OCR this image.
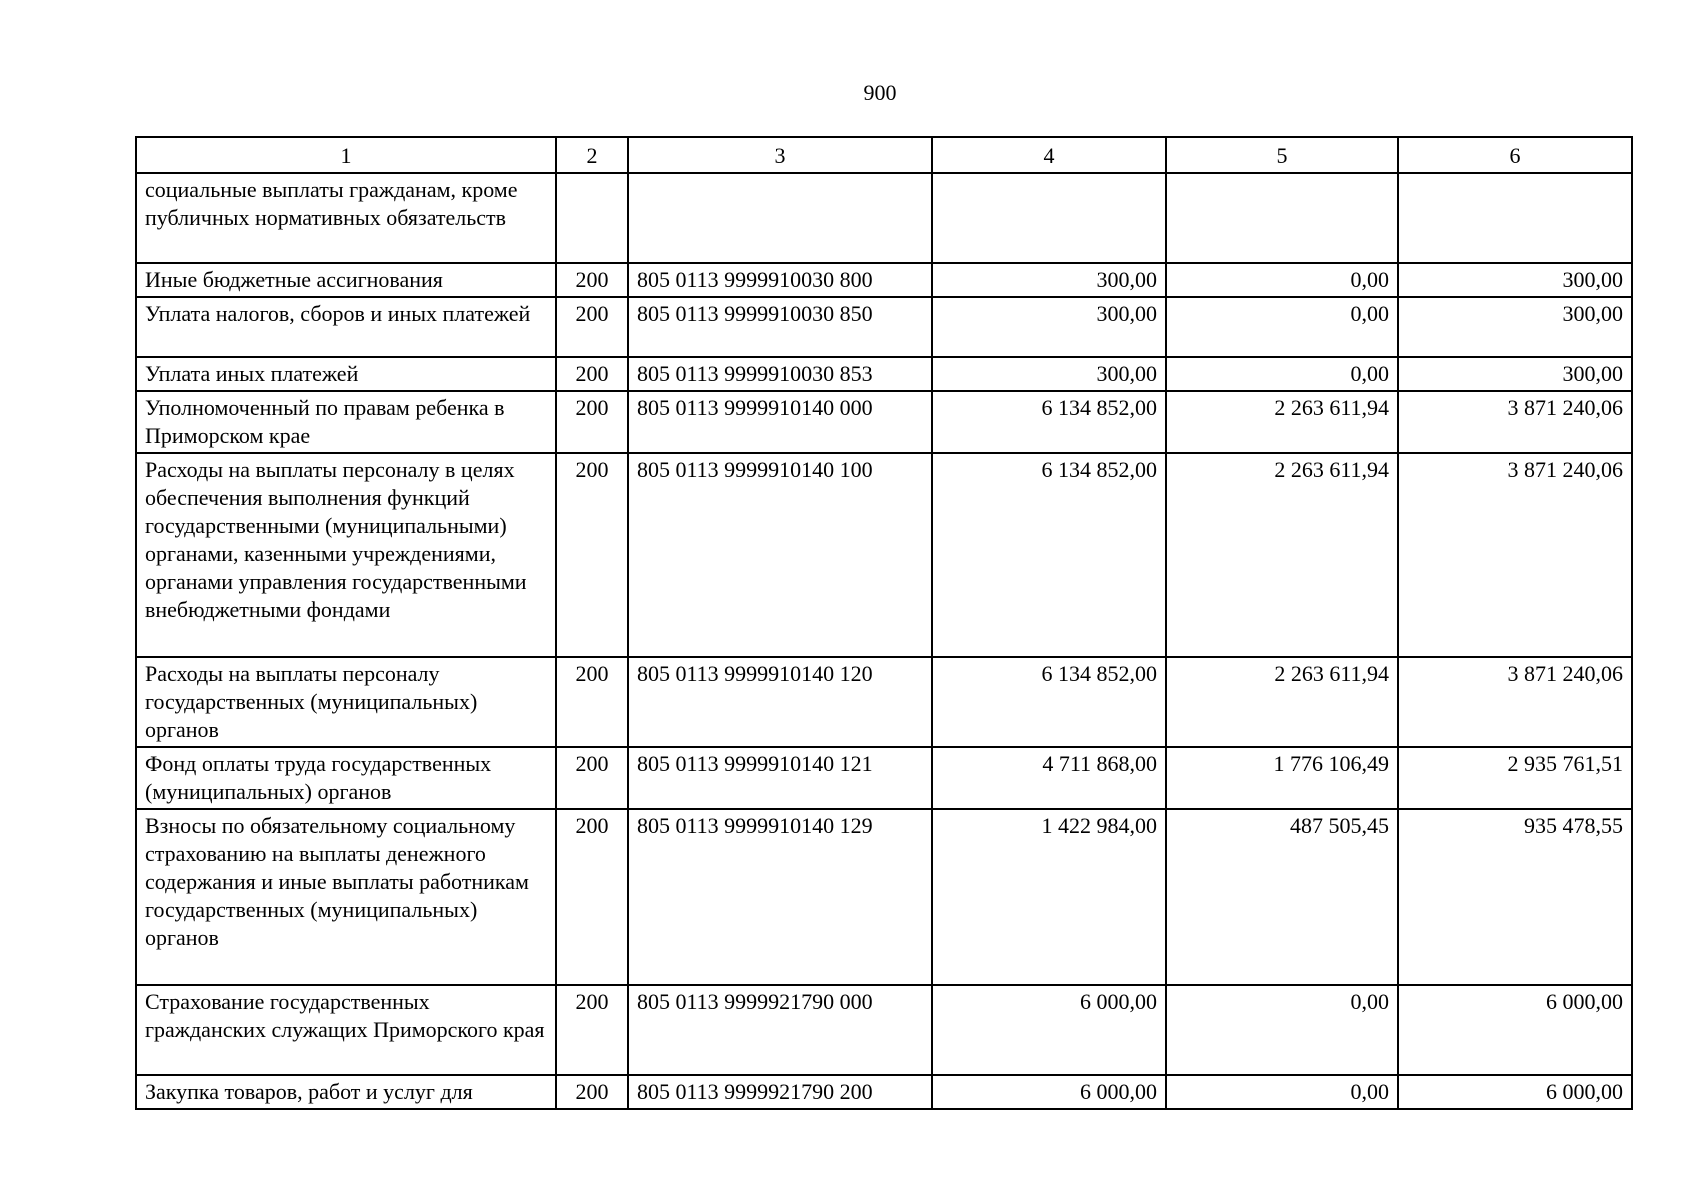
900
1	2	3	4	5	6
социальные выплаты гражданам, кроме публичных нормативных обязательств					
Иные бюджетные ассигнования	200	805 0113 9999910030 800	300,00	0,00	300,00
Уплата налогов, сборов и иных платежей	200	805 0113 9999910030 850	300,00	0,00	300,00
Уплата иных платежей	200	805 0113 9999910030 853	300,00	0,00	300,00
Уполномоченный по правам ребенка в Приморском крае	200	805 0113 9999910140 000	6 134 852,00	2 263 611,94	3 871 240,06
Расходы на выплаты персоналу в целях обеспечения выполнения функций государственными (муниципальными) органами, казенными учреждениями, органами управления государственными внебюджетными фондами	200	805 0113 9999910140 100	6 134 852,00	2 263 611,94	3 871 240,06
Расходы на выплаты персоналу государственных (муниципальных) органов	200	805 0113 9999910140 120	6 134 852,00	2 263 611,94	3 871 240,06
Фонд оплаты труда государственных (муниципальных) органов	200	805 0113 9999910140 121	4 711 868,00	1 776 106,49	2 935 761,51
Взносы по обязательному социальному страхованию на выплаты денежного содержания и иные выплаты работникам государственных (муниципальных) органов	200	805 0113 9999910140 129	1 422 984,00	487 505,45	935 478,55
Страхование государственных гражданских служащих Приморского края	200	805 0113 9999921790 000	6 000,00	0,00	6 000,00
Закупка товаров, работ и услуг для	200	805 0113 9999921790 200	6 000,00	0,00	6 000,00
